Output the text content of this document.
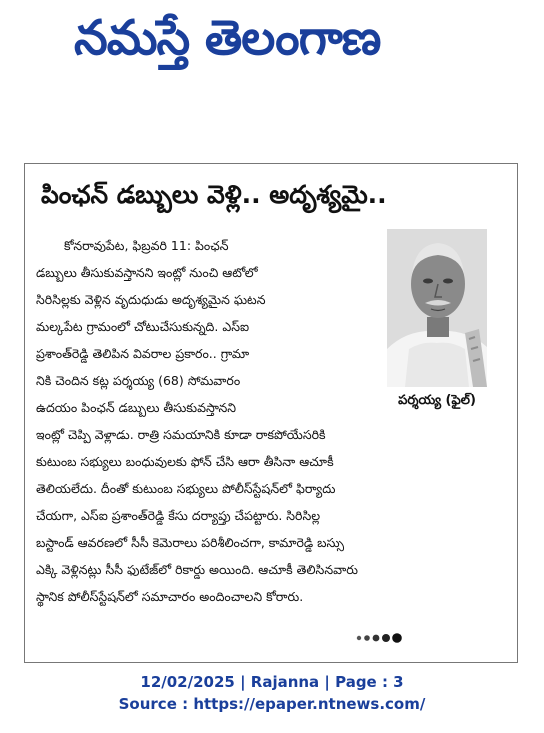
నమస్తే తెలంగాణ
పింఛన్ డబ్బులు వెళ్లి.. అదృశ్యమై..
పర్శయ్య (ఫైల్)
కోనరావుపేట, ఫిబ్రవరి 11: పింఛన్
డబ్బులు తీసుకువస్తానని ఇంట్లో నుంచి ఆటోలో
సిరిసిల్లకు వెళ్లిన వృదుధుడు అదృశ్యమైన ఘటన
మల్కపేట గ్రామంలో చోటుచేసుకున్నది. ఎస్ఐ
ప్రశాంత్‌రెడ్డి తెలిపిన వివరాల ప్రకారం.. గ్రామా
నికి చెందిన కట్ల పర్శయ్య (68) సోమవారం
ఉదయం పింఛన్ డబ్బులు తీసుకువస్తానని
ఇంట్లో చెప్పి వెళ్లాడు. రాత్రి సమయానికి కూడా రాకపోయేసరికి
కుటుంబ సభ్యులు బంధువులకు ఫోన్ చేసి ఆరా తీసినా ఆచూకీ
తెలియలేదు. దీంతో కుటుంబ సభ్యులు పోలీస్‌స్టేషన్‌లో ఫిర్యాదు
చేయగా, ఎస్ఐ ప్రశాంత్‌రెడ్డి కేసు దర్యాప్తు చేపట్టారు. సిరిసిల్ల
బస్టాండ్ ఆవరణలో సీసీ కెమెరాలు పరిశీలించగా, కామారెడ్డి బస్సు
ఎక్కి వెళ్లినట్లు సీసీ ఫుటేజ్‌లో రికార్డు అయింది. ఆచూకీ తెలిసినవారు
స్థానిక పోలీస్‌స్టేషన్‌లో సమాచారం అందించాలని కోరారు.
12/02/2025 | Rajanna | Page : 3
Source : https://epaper.ntnews.com/
